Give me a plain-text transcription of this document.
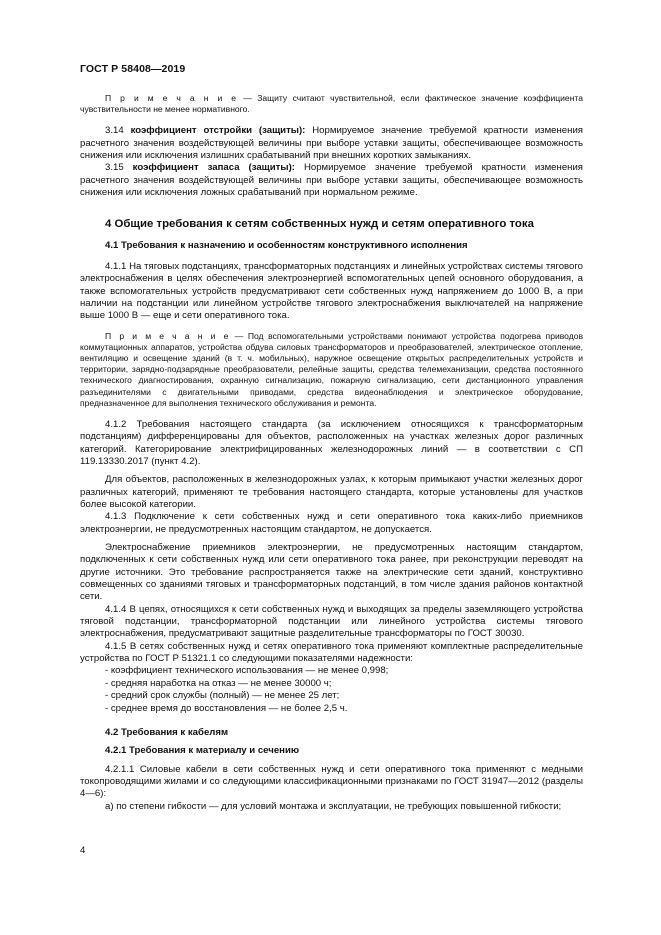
ГОСТ Р 58408—2019

П р и м е ч а н и е — Защиту считают чувствительной, если фактическое значение коэффициента чувствительности не менее нормативного.

3.14 коэффициент отстройки (защиты): Нормируемое значение требуемой кратности изменения расчетного значения воздействующей величины при выборе уставки защиты, обеспечивающее возможность снижения или исключения излишних срабатываний при внешних коротких замыканиях.

3.15 коэффициент запаса (защиты): Нормируемое значение требуемой кратности изменения расчетного значения воздействующей величины при выборе уставки защиты, обеспечивающее возможность снижения или исключения ложных срабатываний при нормальном режиме.

4 Общие требования к сетям собственных нужд и сетям оперативного тока

4.1 Требования к назначению и особенностям конструктивного исполнения

4.1.1 На тяговых подстанциях, трансформаторных подстанциях и линейных устройствах системы тягового электроснабжения в целях обеспечения электроэнергией вспомогательных цепей основного оборудования, а также вспомогательных устройств предусматривают сети собственных нужд напряжением до 1000 В, а при наличии на подстанции или линейном устройстве тягового электроснабжения выключателей на напряжение выше 1000 В — еще и сети оперативного тока.

П р и м е ч а н и е — Под вспомогательными устройствами понимают устройства подогрева приводов коммутационных аппаратов, устройства обдува силовых трансформаторов и преобразователей, электрическое отопление, вентиляцию и освещение зданий (в т. ч. мобильных), наружное освещение открытых распределительных устройств и территории, зарядно-подзарядные преобразователи, релейные защиты, средства телемеханизации, средства постоянного технического диагностирования, охранную сигнализацию, пожарную сигнализацию, сети дистанционного управления разъединителями с двигательными приводами, средства видеонаблюдения и электрическое оборудование, предназначенное для выполнения технического обслуживания и ремонта.

4.1.2 Требования настоящего стандарта (за исключением относящихся к трансформаторным подстанциям) дифференцированы для объектов, расположенных на участках железных дорог различных категорий. Категорирование электрифицированных железнодорожных линий — в соответствии с СП 119.13330.2017 (пункт 4.2).

Для объектов, расположенных в железнодорожных узлах, к которым примыкают участки железных дорог различных категорий, применяют те требования настоящего стандарта, которые установлены для участков более высокой категории.

4.1.3 Подключение к сети собственных нужд и сети оперативного тока каких-либо приемников электроэнергии, не предусмотренных настоящим стандартом, не допускается.

Электроснабжение приемников электроэнергии, не предусмотренных настоящим стандартом, подключенных к сети собственных нужд или сети оперативного тока ранее, при реконструкции переводят на другие источники. Это требование распространяется также на электрические сети зданий, конструктивно совмещенных со зданиями тяговых и трансформаторных подстанций, в том числе здания районов контактной сети.

4.1.4 В цепях, относящихся к сети собственных нужд и выходящих за пределы заземляющего устройства тяговой подстанции, трансформаторной подстанции или линейного устройства системы тягового электроснабжения, предусматривают защитные разделительные трансформаторы по ГОСТ 30030.

4.1.5 В сетях собственных нужд и сетях оперативного тока применяют комплектные распределительные устройства по ГОСТ Р 51321.1 со следующими показателями надежности:

- коэффициент технического использования — не менее 0,998;

- средняя наработка на отказ — не менее 30000 ч;

- средний срок службы (полный) — не менее 25 лет;

- среднее время до восстановления — не более 2,5 ч.

4.2 Требования к кабелям

4.2.1 Требования к материалу и сечению

4.2.1.1 Силовые кабели в сети собственных нужд и сети оперативного тока применяют с медными токопроводящими жилами и со следующими классификационными признаками по ГОСТ 31947—2012 (разделы 4—6):

а) по степени гибкости — для условий монтажа и эксплуатации, не требующих повышенной гибкости;

4
